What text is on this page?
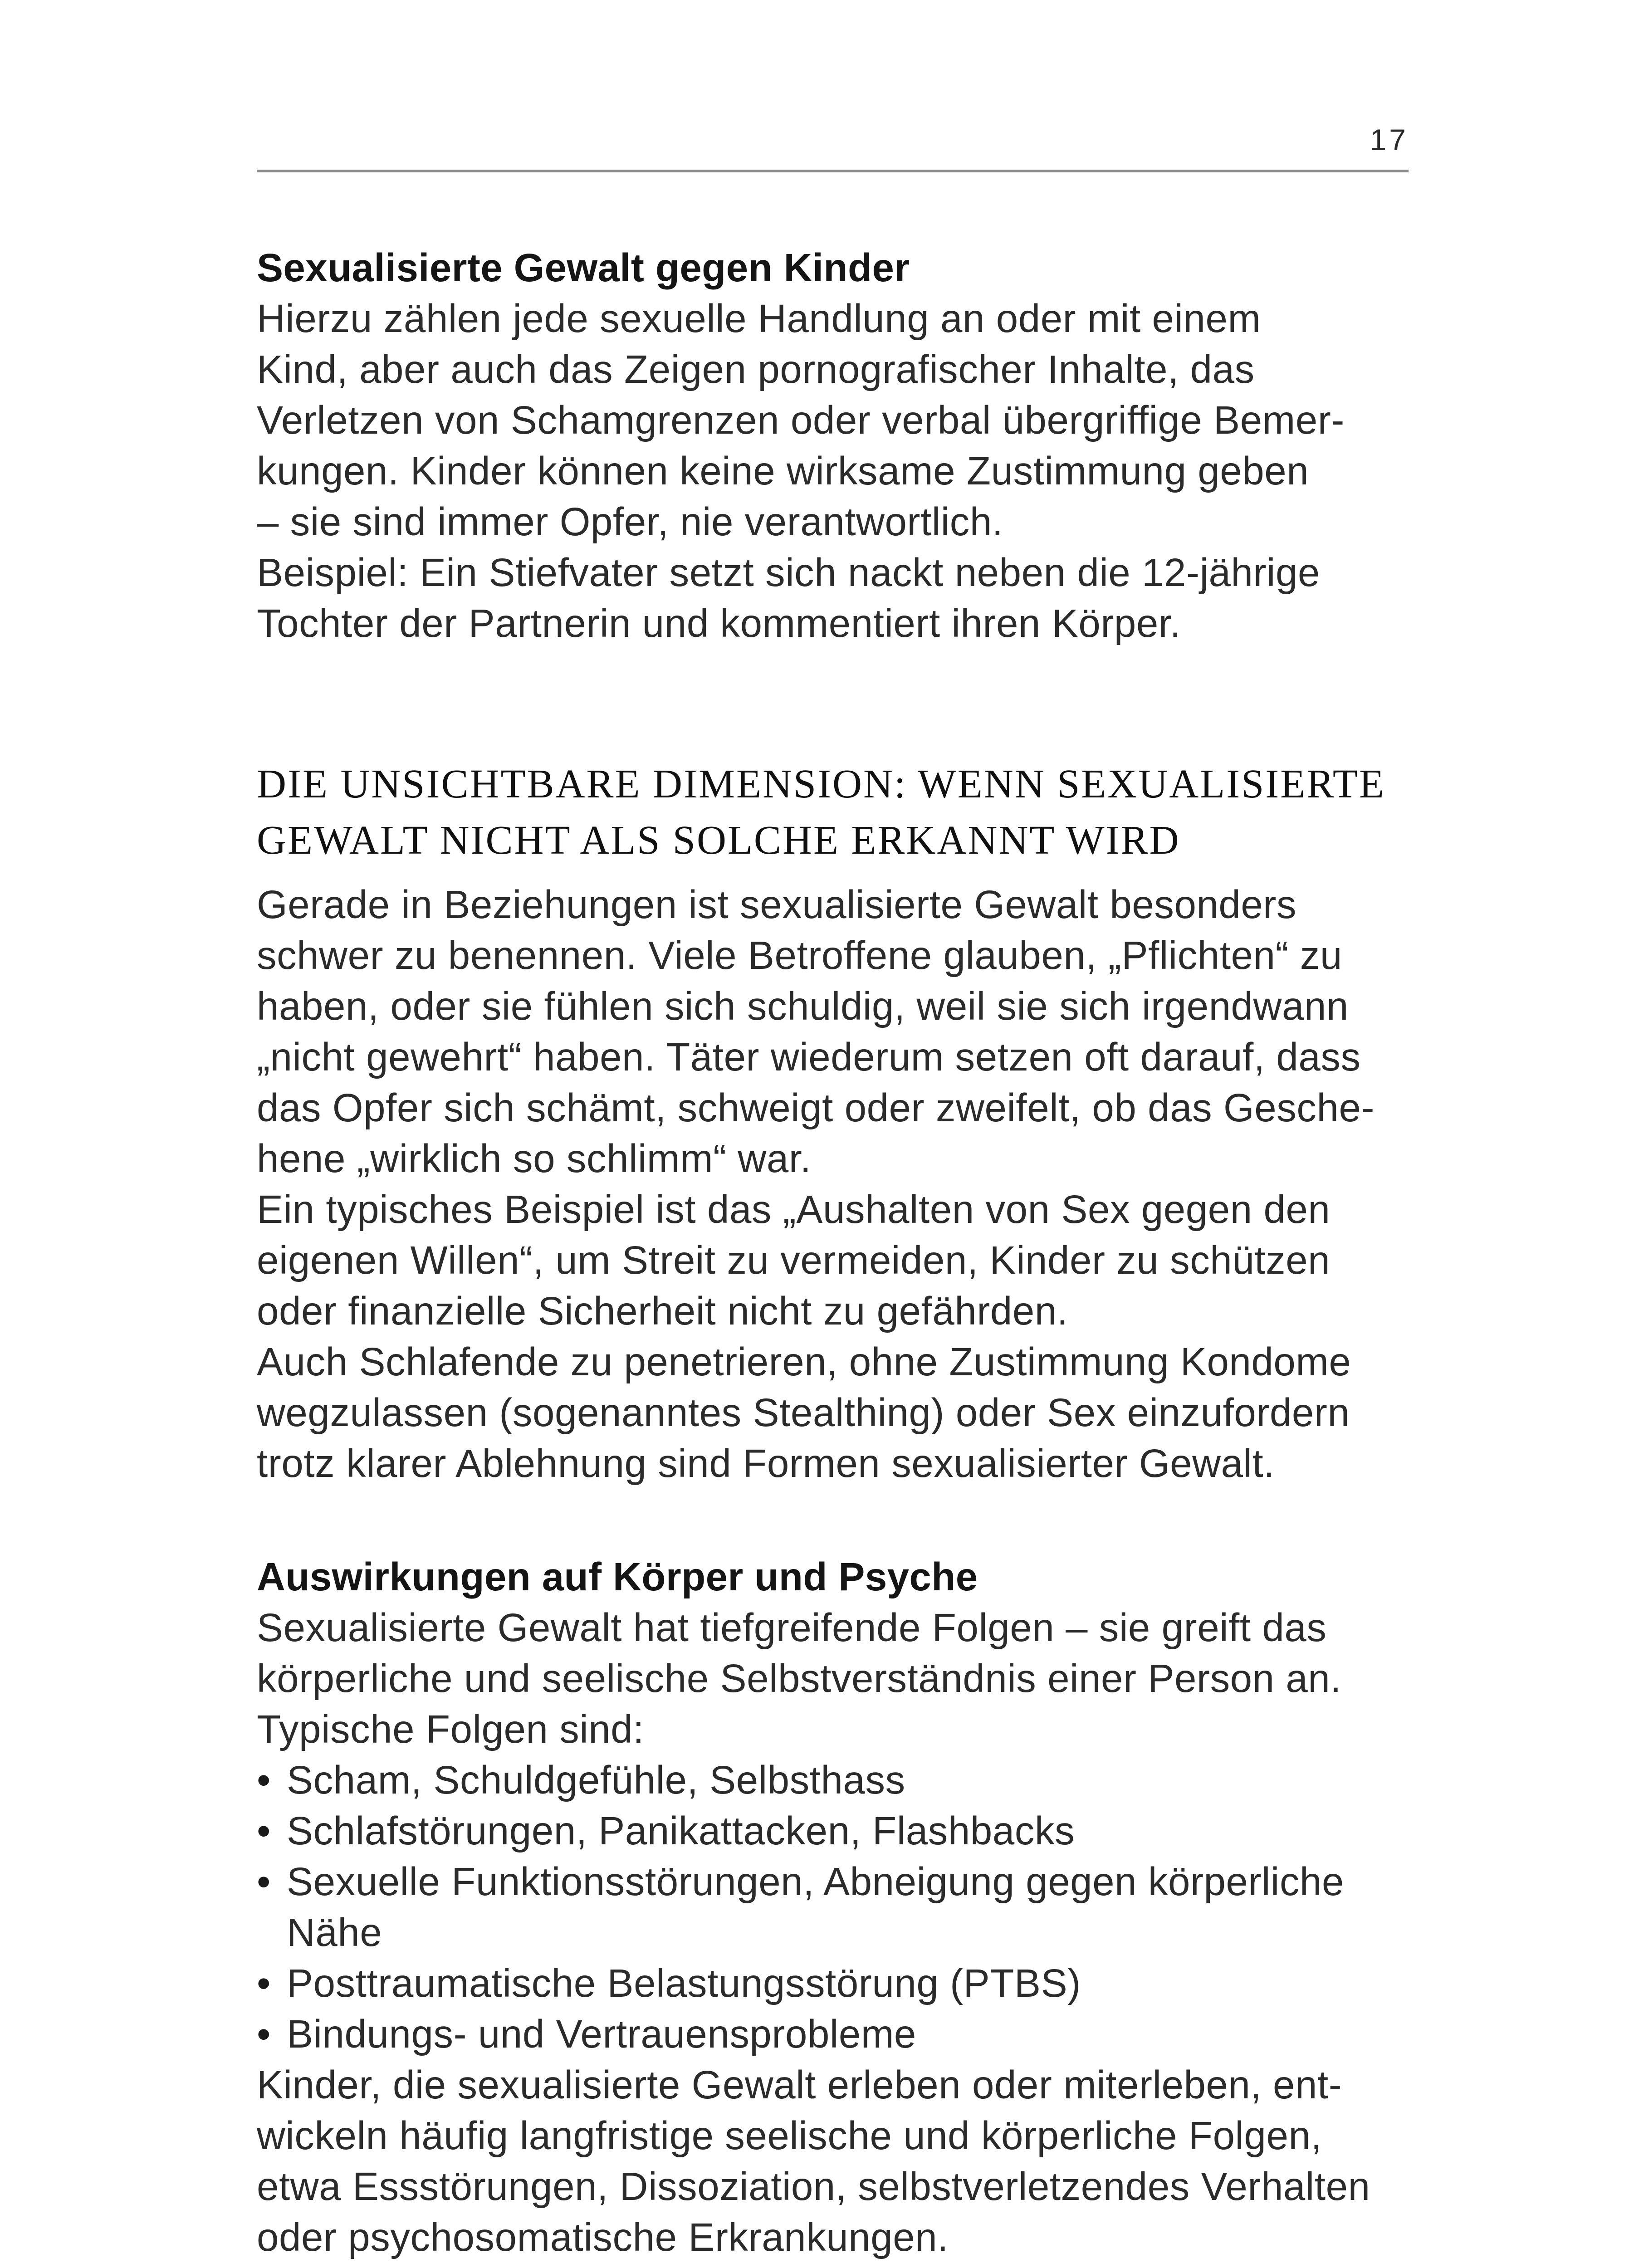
17

Sexualisierte Gewalt gegen Kinder

Hierzu zählen jede sexuelle Handlung an oder mit einem

Kind, aber auch das Zeigen pornografischer Inhalte, das

Verletzen von Schamgrenzen oder verbal übergriffige Bemer-

kungen. Kinder können keine wirksame Zustimmung geben

– sie sind immer Opfer, nie verantwortlich.

Beispiel: Ein Stiefvater setzt sich nackt neben die 12-jährige

Tochter der Partnerin und kommentiert ihren Körper.

DIE UNSICHTBARE DIMENSION: WENN SEXUALISIERTE

GEWALT NICHT ALS SOLCHE ERKANNT WIRD

Gerade in Beziehungen ist sexualisierte Gewalt besonders

schwer zu benennen. Viele Betroffene glauben, „Pflichten“ zu

haben, oder sie fühlen sich schuldig, weil sie sich irgendwann

„nicht gewehrt“ haben. Täter wiederum setzen oft darauf, dass

das Opfer sich schämt, schweigt oder zweifelt, ob das Gesche-

hene „wirklich so schlimm“ war.

Ein typisches Beispiel ist das „Aushalten von Sex gegen den

eigenen Willen“, um Streit zu vermeiden, Kinder zu schützen

oder finanzielle Sicherheit nicht zu gefährden.

Auch Schlafende zu penetrieren, ohne Zustimmung Kondome

wegzulassen (sogenanntes Stealthing) oder Sex einzufordern

trotz klarer Ablehnung sind Formen sexualisierter Gewalt.

Auswirkungen auf Körper und Psyche

Sexualisierte Gewalt hat tiefgreifende Folgen – sie greift das

körperliche und seelische Selbstverständnis einer Person an.

Typische Folgen sind:

• Scham, Schuldgefühle, Selbsthass
• Schlafstörungen, Panikattacken, Flashbacks
• Sexuelle Funktionsstörungen, Abneigung gegen körperliche
Nähe
• Posttraumatische Belastungsstörung (PTBS)
• Bindungs- und Vertrauensprobleme

Kinder, die sexualisierte Gewalt erleben oder miterleben, ent-

wickeln häufig langfristige seelische und körperliche Folgen,

etwa Essstörungen, Dissoziation, selbstverletzendes Verhalten

oder psychosomatische Erkrankungen.
